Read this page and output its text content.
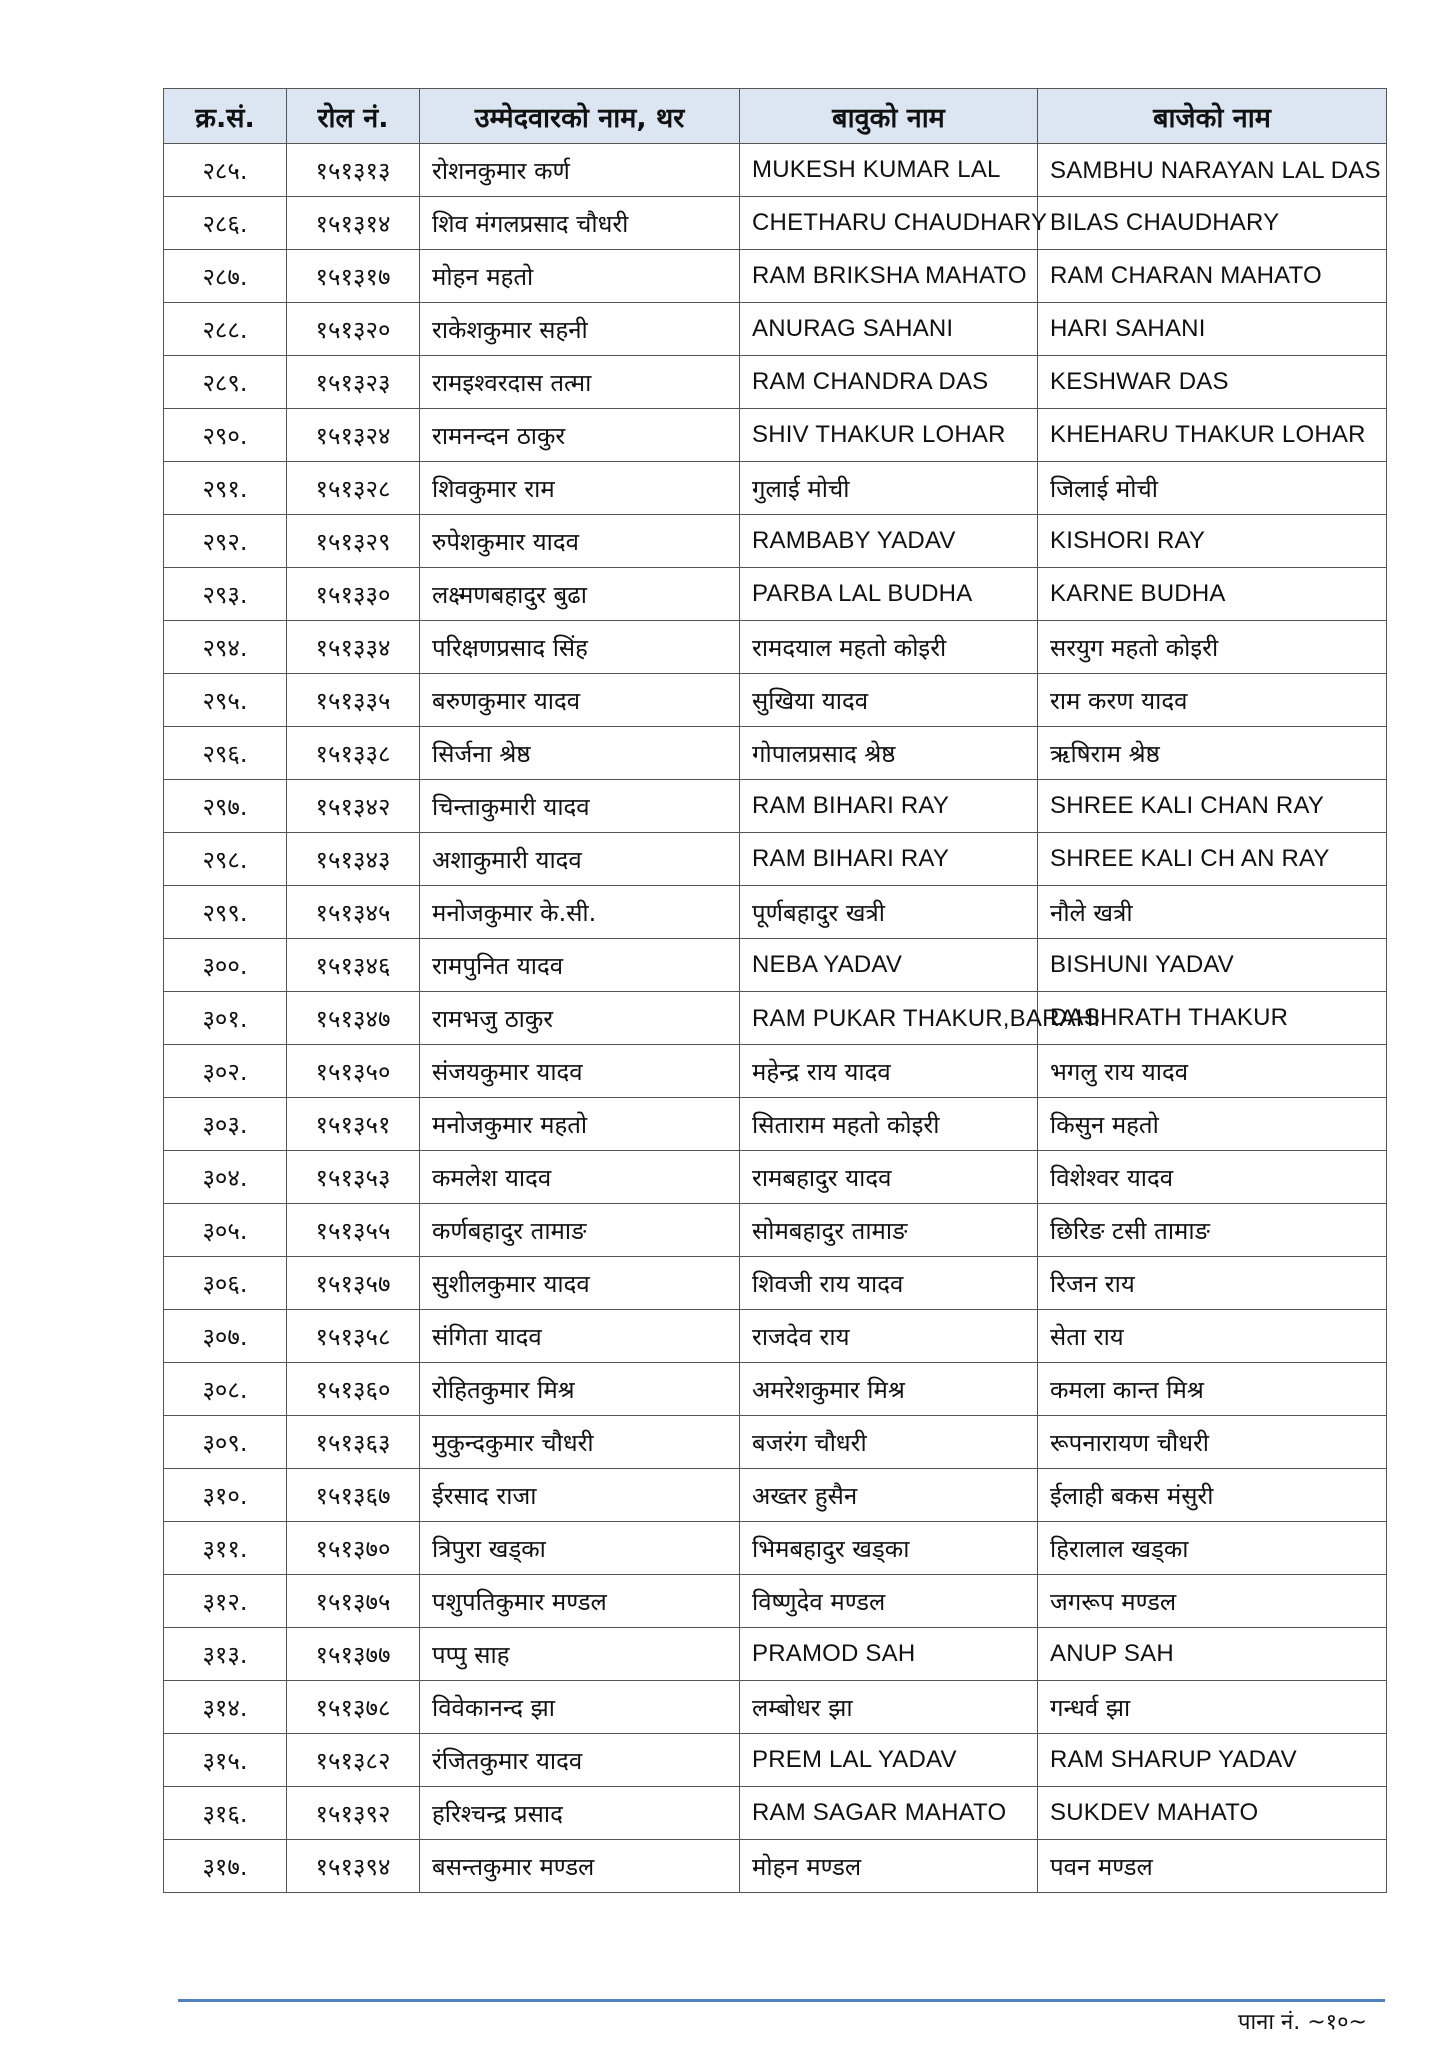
क्र.सं.	रोल नं.	उम्मेदवारको नाम, थर	बावुको नाम	बाजेको नाम
२८५.	१५१३१३	रोशनकुमार कर्ण	MUKESH KUMAR LAL	SAMBHU NARAYAN LAL DAS
२८६.	१५१३१४	शिव मंगलप्रसाद चौधरी	CHETHARU CHAUDHARY	BILAS CHAUDHARY
२८७.	१५१३१७	मोहन महतो	RAM BRIKSHA MAHATO	RAM CHARAN MAHATO
२८८.	१५१३२०	राकेशकुमार सहनी	ANURAG SAHANI	HARI SAHANI
२८९.	१५१३२३	रामइश्वरदास तत्मा	RAM CHANDRA DAS	KESHWAR DAS
२९०.	१५१३२४	रामनन्दन ठाकुर	SHIV THAKUR LOHAR	KHEHARU THAKUR LOHAR
२९१.	१५१३२८	शिवकुमार राम	गुलाई मोची	जिलाई मोची
२९२.	१५१३२९	रुपेशकुमार यादव	RAMBABY YADAV	KISHORI RAY
२९३.	१५१३३०	लक्ष्मणबहादुर बुढा	PARBA LAL BUDHA	KARNE BUDHA
२९४.	१५१३३४	परिक्षणप्रसाद सिंह	रामदयाल महतो कोइरी	सरयुग महतो कोइरी
२९५.	१५१३३५	बरुणकुमार यादव	सुखिया यादव	राम करण यादव
२९६.	१५१३३८	सिर्जना श्रेष्ठ	गोपालप्रसाद श्रेष्ठ	ऋषिराम श्रेष्ठ
२९७.	१५१३४२	चिन्ताकुमारी यादव	RAM BIHARI RAY	SHREE KALI CHAN RAY
२९८.	१५१३४३	अशाकुमारी यादव	RAM BIHARI RAY	SHREE KALI CH AN RAY
२९९.	१५१३४५	मनोजकुमार के.सी.	पूर्णबहादुर खत्री	नौले खत्री
३००.	१५१३४६	रामपुनित यादव	NEBA YADAV	BISHUNI YADAV
३०१.	१५१३४७	रामभजु ठाकुर	RAM PUKAR THAKUR,BARAHI	DASHRATH THAKUR
३०२.	१५१३५०	संजयकुमार यादव	महेन्द्र राय यादव	भगलु राय यादव
३०३.	१५१३५१	मनोजकुमार महतो	सिताराम महतो कोइरी	किसुन महतो
३०४.	१५१३५३	कमलेश यादव	रामबहादुर यादव	विशेश्वर यादव
३०५.	१५१३५५	कर्णबहादुर तामाङ	सोमबहादुर तामाङ	छिरिङ टसी तामाङ
३०६.	१५१३५७	सुशीलकुमार यादव	शिवजी राय यादव	रिजन राय
३०७.	१५१३५८	संगिता यादव	राजदेव राय	सेता राय
३०८.	१५१३६०	रोहितकुमार मिश्र	अमरेशकुमार मिश्र	कमला कान्त मिश्र
३०९.	१५१३६३	मुकुन्दकुमार चौधरी	बजरंग चौधरी	रूपनारायण चौधरी
३१०.	१५१३६७	ईरसाद राजा	अख्तर हुसैन	ईलाही बकस मंसुरी
३११.	१५१३७०	त्रिपुरा खड्का	भिमबहादुर खड्का	हिरालाल खड्का
३१२.	१५१३७५	पशुपतिकुमार मण्डल	विष्णुदेव मण्डल	जगरूप मण्डल
३१३.	१५१३७७	पप्पु साह	PRAMOD SAH	ANUP SAH
३१४.	१५१३७८	विवेकानन्द झा	लम्बोधर झा	गन्धर्व झा
३१५.	१५१३८२	रंजितकुमार यादव	PREM LAL YADAV	RAM SHARUP YADAV
३१६.	१५१३९२	हरिश्चन्द्र प्रसाद	RAM SAGAR MAHATO	SUKDEV MAHATO
३१७.	१५१३९४	बसन्तकुमार मण्डल	मोहन मण्डल	पवन मण्डल
पाना नं. ~१०~
